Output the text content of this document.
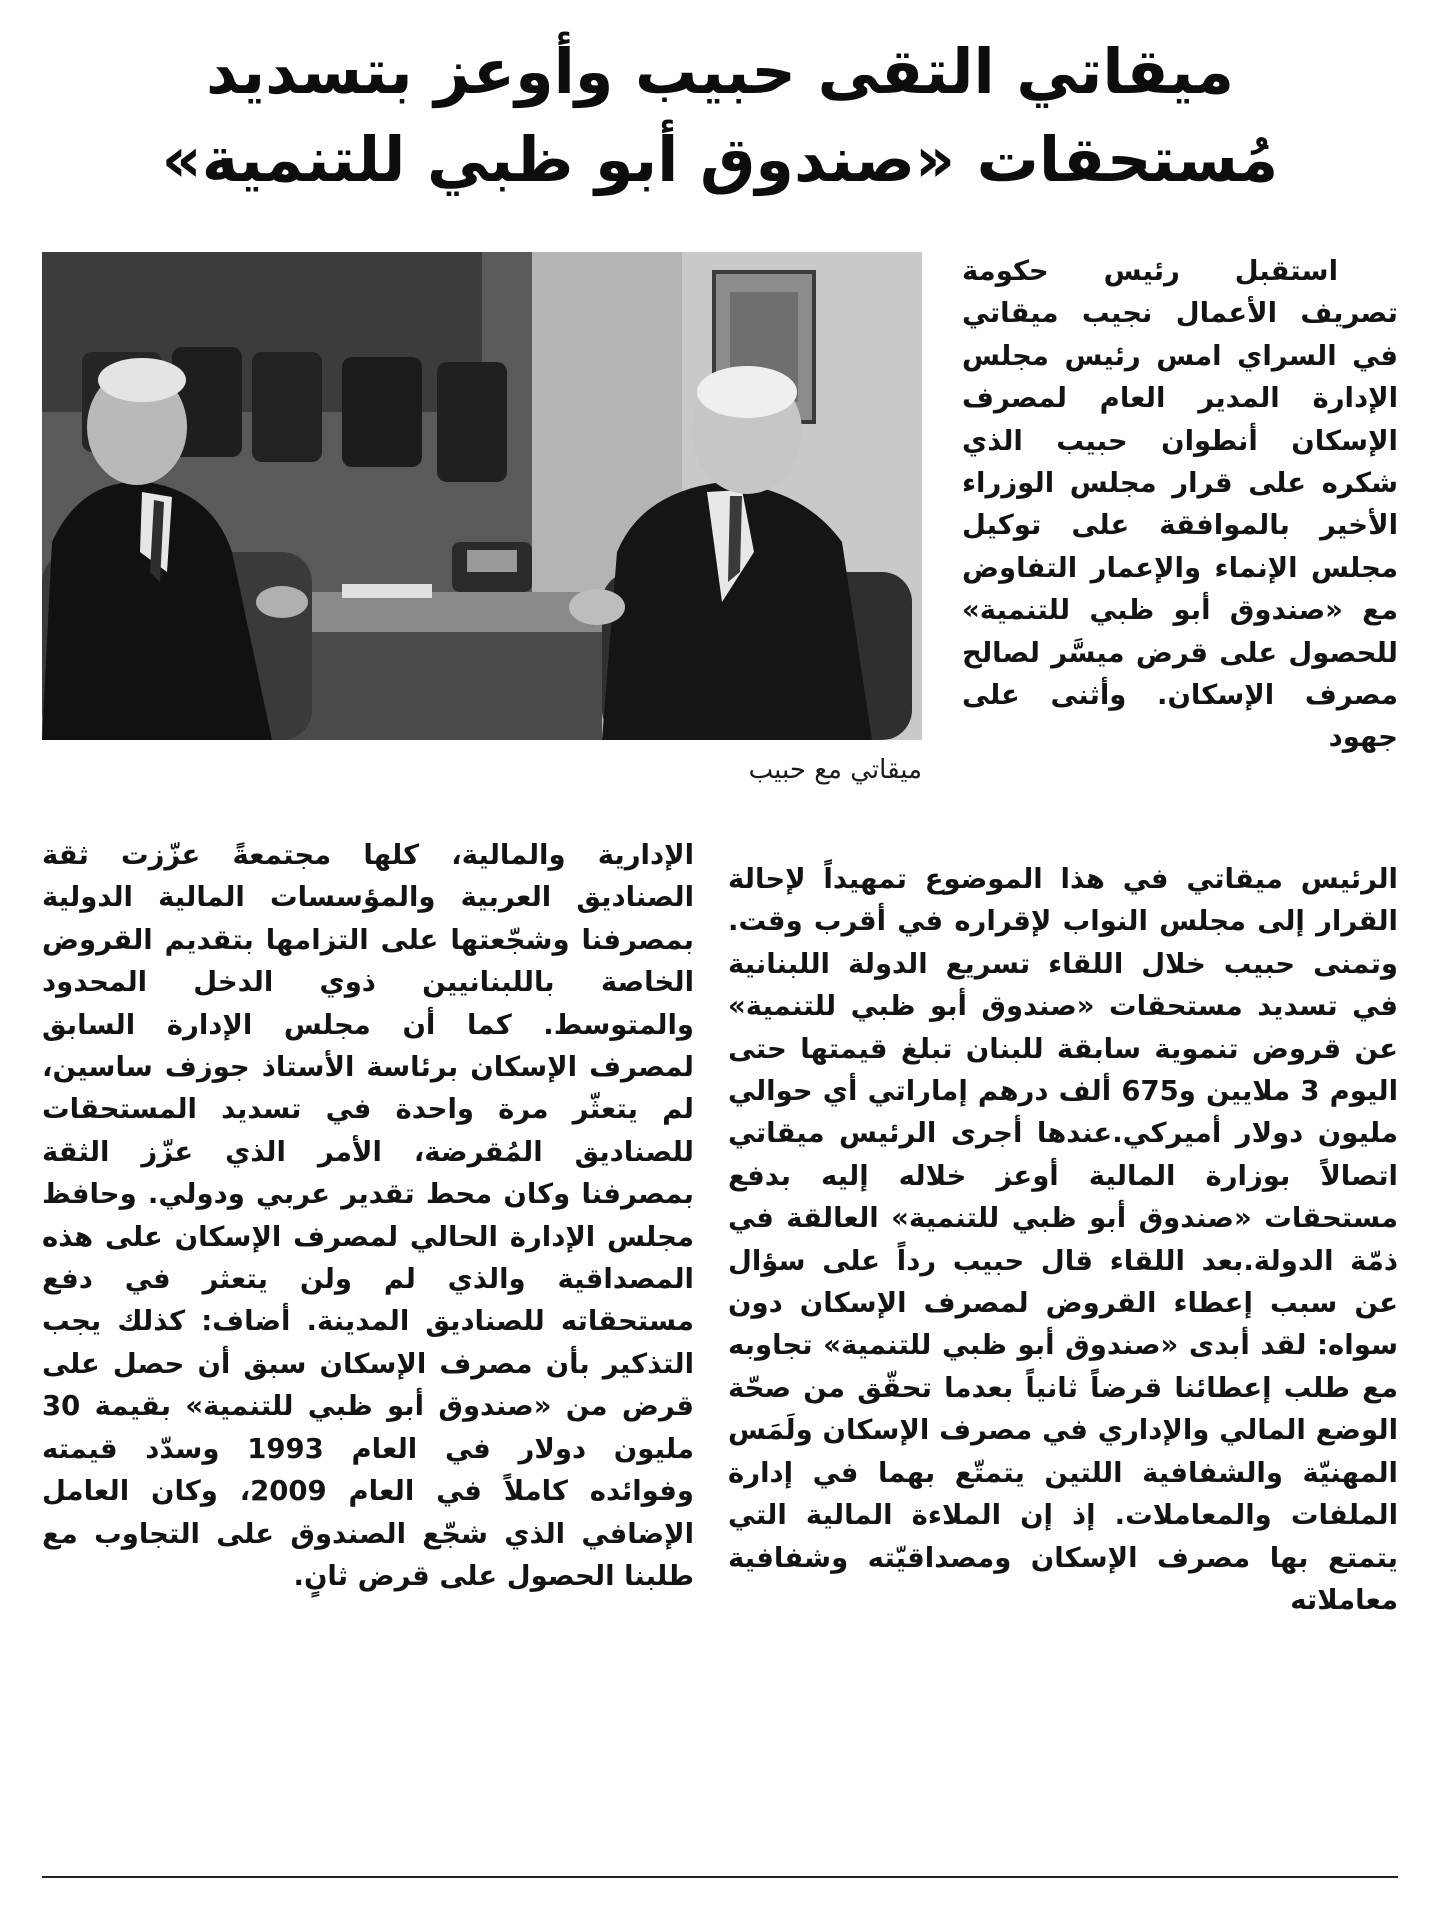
ميقاتي التقى حبيب وأوعز بتسديد
مُستحقات «صندوق أبو ظبي للتنمية»
ميقاتي مع حبيب
استقبل رئيس حكومة تصريف الأعمال نجيب ميقاتي في السراي امس رئيس مجلس الإدارة المدير العام لمصرف الإسكان أنطوان حبيب الذي شكره على قرار مجلس الوزراء الأخير بالموافقة على توكيل مجلس الإنماء والإعمار التفاوض مع «صندوق أبو ظبي للتنمية» للحصول على قرض ميسَّر لصالح مصرف الإسكان. وأثنى على جهود
الرئيس ميقاتي في هذا الموضوع تمهيداً لإحالة القرار إلى مجلس النواب لإقراره في أقرب وقت. وتمنى حبيب خلال اللقاء تسريع الدولة اللبنانية في تسديد مستحقات «صندوق أبو ظبي للتنمية» عن قروض تنموية سابقة للبنان تبلغ قيمتها حتى اليوم 3 ملايين و675 ألف درهم إماراتي أي حوالي مليون دولار أميركي.عندها أجرى الرئيس ميقاتي اتصالاً بوزارة المالية أوعز خلاله إليه بدفع مستحقات «صندوق أبو ظبي للتنمية» العالقة في ذمّة الدولة.بعد اللقاء قال حبيب رداً على سؤال عن سبب إعطاء القروض لمصرف الإسكان دون سواه: لقد أبدى «صندوق أبو ظبي للتنمية» تجاوبه مع طلب إعطائنا قرضاً ثانياً بعدما تحقّق من صحّة الوضع المالي والإداري في مصرف الإسكان ولَمَس المهنيّة والشفافية اللتين يتمتّع بهما في إدارة الملفات والمعاملات. إذ إن الملاءة المالية التي يتمتع بها مصرف الإسكان ومصداقيّته وشفافية معاملاته
الإدارية والمالية، كلها مجتمعةً عزّزت ثقة الصناديق العربية والمؤسسات المالية الدولية بمصرفنا وشجّعتها على التزامها بتقديم القروض الخاصة باللبنانيين ذوي الدخل المحدود والمتوسط. كما أن مجلس الإدارة السابق لمصرف الإسكان برئاسة الأستاذ جوزف ساسين، لم يتعثّر مرة واحدة في تسديد المستحقات للصناديق المُقرضة، الأمر الذي عزّز الثقة بمصرفنا وكان محط تقدير عربي ودولي. وحافظ مجلس الإدارة الحالي لمصرف الإسكان على هذه المصداقية والذي لم ولن يتعثر في دفع مستحقاته للصناديق المدينة. أضاف: كذلك يجب التذكير بأن مصرف الإسكان سبق أن حصل على قرض من «صندوق أبو ظبي للتنمية» بقيمة 30 مليون دولار في العام 1993 وسدّد قيمته وفوائده كاملاً في العام 2009، وكان العامل الإضافي الذي شجّع الصندوق على التجاوب مع طلبنا الحصول على قرض ثانٍ.
